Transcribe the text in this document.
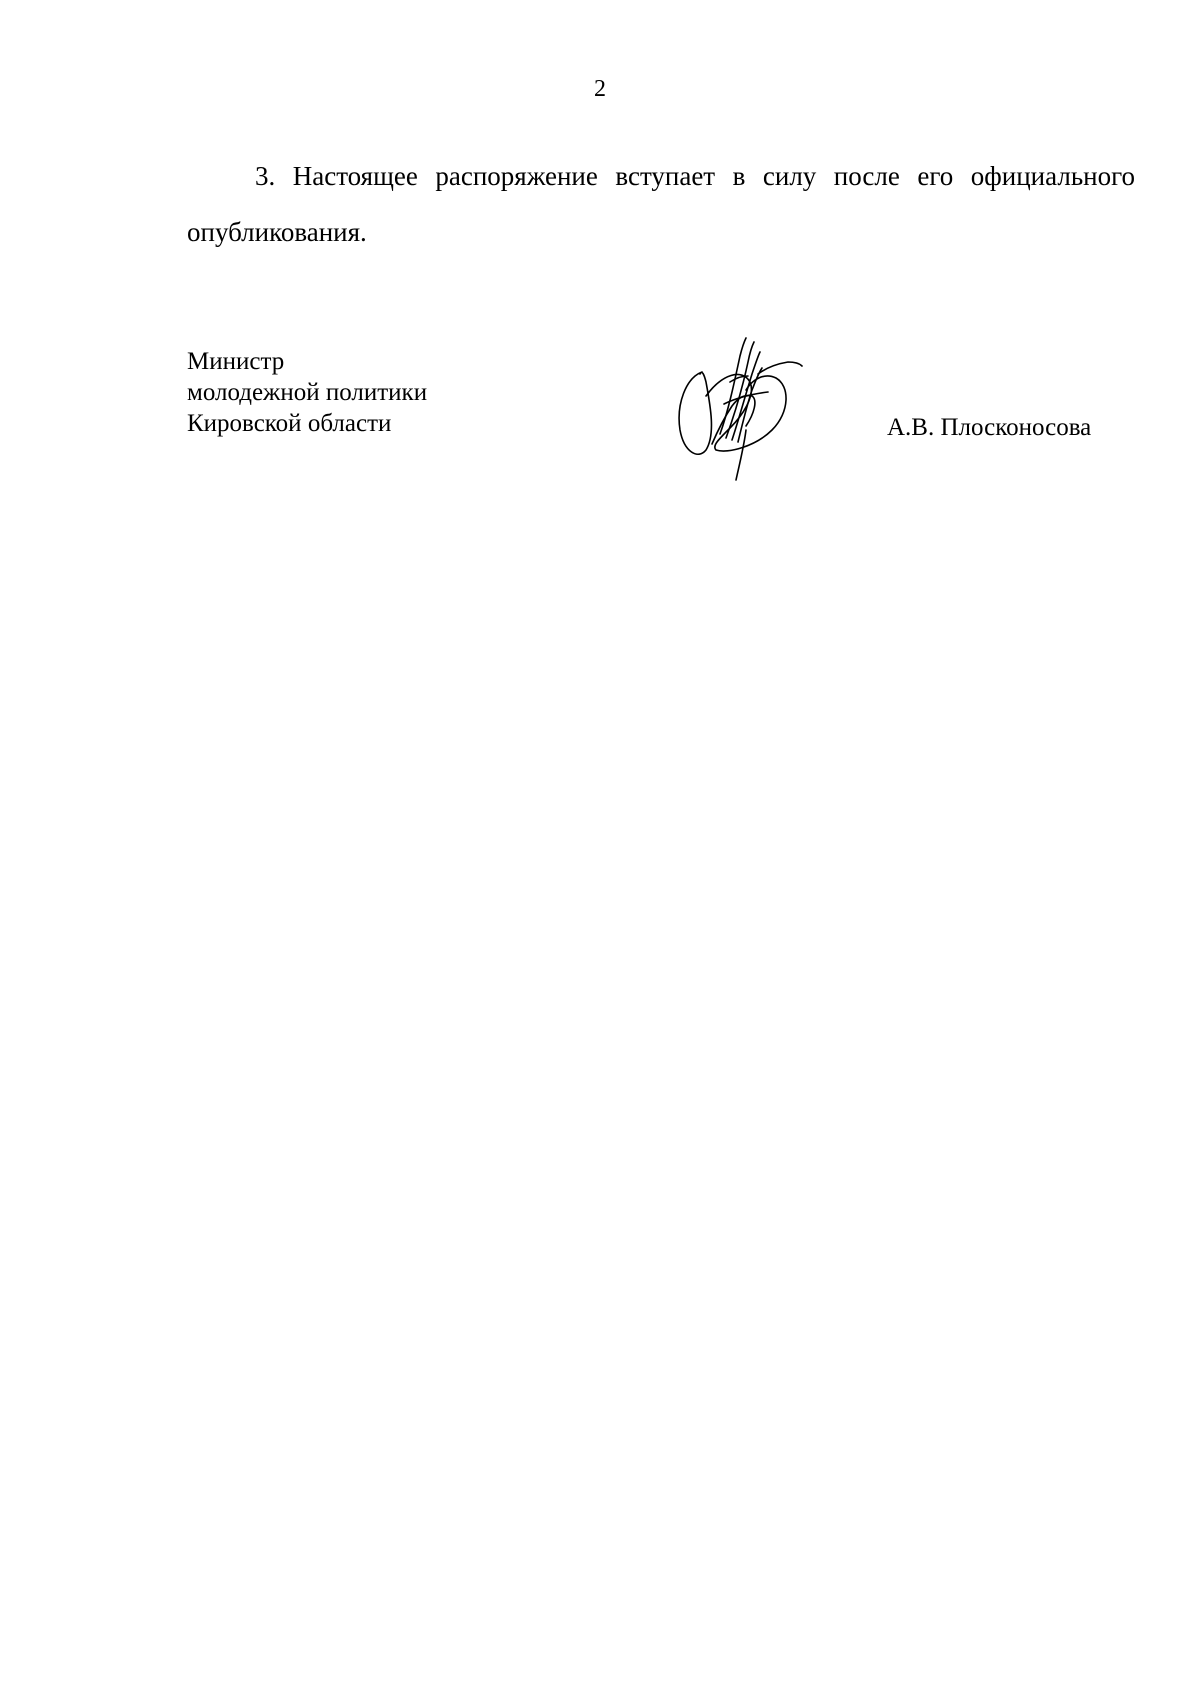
2

3. Настоящее распоряжение вступает в силу после его официального опубликования.

Министр
молодежной политики
Кировской области	А.В. Плосконосова
